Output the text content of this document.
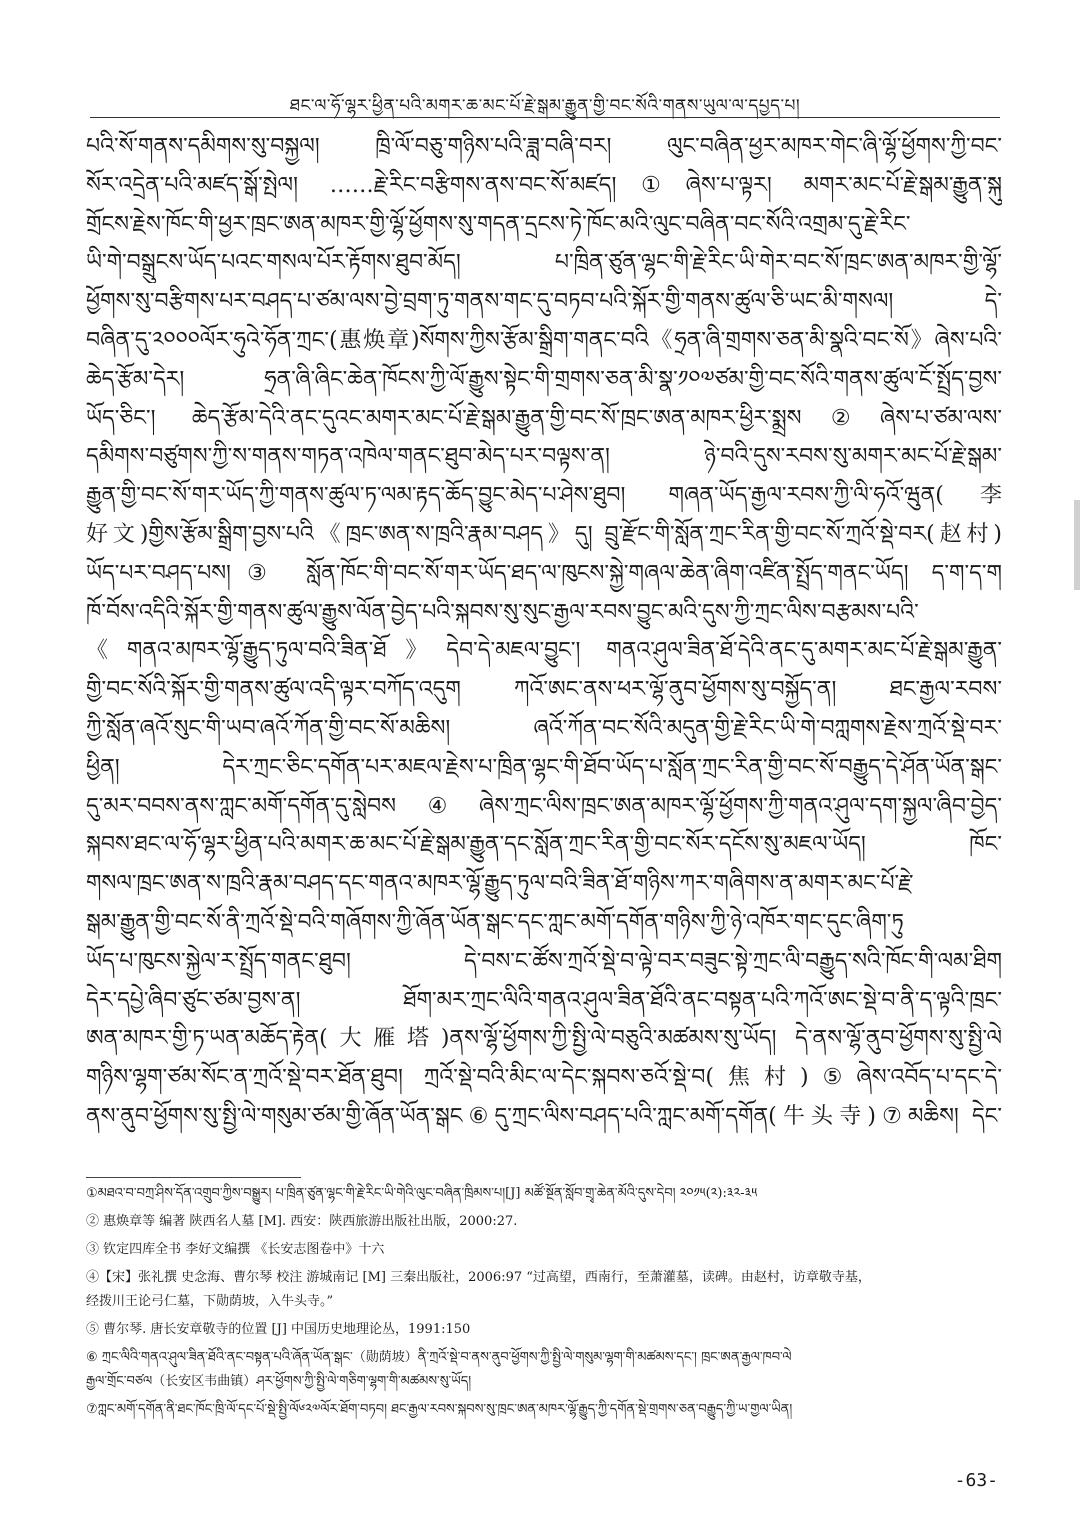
ཐང་ལ་ཧོ་ལྷར་ཕྱིན་པའི་མགར་ཆ་མང་པོ་རྗེ་སྒམ་རྒྱུན་གྱི་བང་སོའི་གནས་ཡུལ་ལ་དཔྱད་པ།
པའི་སོ་གནས་དམིགས་སུ་བསྐྱལ། ཁྲི་ལོ་བཅུ་གཉིས་པའི་ཟླ་བཞི་བར། ལུང་བཞིན་ཕྱར་མཁར་གེང་ཞི་ལྷོ་ཕྱོགས་ཀྱི་བང་
སོར་འདྲེན་པའི་མཛད་སྒོ་སྤེལ། ……རྗེ་རིང་བརྩིགས་ནས་བང་སོ་མཛད།①ཞེས་པ་ལྟར། མགར་མང་པོ་རྗེ་སྒམ་རྒྱུན་སྐུ
གྲོངས་རྗེས་ཁོང་གི་ཕྱར་ཁྲང་ཨན་མཁར་གྱི་ལྷོ་ཕྱོགས་སུ་གདན་དྲངས་ཏེ་ཁོང་མའི་ལུང་བཞིན་བང་སོའི་འགྲམ་དུ་རྗེ་རིང་
ཡི་གེ་བསྒྲུངས་ཡོད་པའང་གསལ་པོར་རྟོགས་ཐུབ་མོད། པ་ཁྲིན་ཙུན་ལྷང་གི་རྗེ་རིང་ཡི་གེར་བང་སོ་ཁྲང་ཨན་མཁར་གྱི་ལྷོ་
ཕྱོགས་སུ་བརྩིགས་པར་བཤད་པ་ཙམ་ལས་བྱེ་བྲག་ཏུ་གནས་གང་དུ་བཏབ་པའི་སྐོར་གྱི་གནས་ཚུལ་ཅི་ཡང་མི་གསལ། དེ་
བཞིན་དུ་༢༠༠༠ལོར་ཧུའེ་ཧོན་ཀྲང་(惠焕章)སོགས་ཀྱིས་རྩོམ་སྒྲིག་གནང་བའི《ཧྲན་ཞི་གྲགས་ཅན་མི་སྣའི་བང་སོ》ཞེས་པའི་
ཆེད་རྩོམ་དེར། ཧྲན་ཞི་ཞིང་ཆེན་ཁོངས་ཀྱི་ལོ་རྒྱུས་སྟེང་གི་གྲགས་ཅན་མི་སྣ་༡༠༧ཙམ་གྱི་བང་སོའི་གནས་ཚུལ་ངོ་སྤྲོད་བྱས་
ཡོད་ཅིང་། ཆེད་རྩོམ་དེའི་ནང་དུའང་མགར་མང་པོ་རྗེ་སྒམ་རྒྱུན་གྱི་བང་སོ་ཁྲང་ཨན་མཁར་ཕྱིར་སྨྲས②ཞེས་པ་ཙམ་ལས་
དམིགས་བཙུགས་ཀྱི་ས་གནས་གཏན་འཁེལ་གནང་ཐུབ་མེད་པར་བལྟས་ན། ཉེ་བའི་དུས་རབས་སུ་མགར་མང་པོ་རྗེ་སྒམ་
རྒྱུན་གྱི་བང་སོ་གར་ཡོད་ཀྱི་གནས་ཚུལ་ཏ་ལམ་རྟད་ཆོད་བྱུང་མེད་པ་ཤེས་ཐུབ། གཞན་ཡོད་རྒྱལ་རབས་ཀྱི་ལི་ཧའོ་ཝུན(李
好文)གྱིས་རྩོམ་སྒྲིག་བྱས་པའི《ཁྲང་ཨན་ས་ཁྲའི་རྣམ་བཤད》དུ། བྲུ་རྫོང་གི་སློན་ཀྲང་རིན་གྱི་བང་སོ་ཀྲའོ་སྡེ་བར(赵村)
ཡོད་པར་བཤད་པས།③ སློན་ཁོང་གི་བང་སོ་གར་ཡོད་ཐད་ལ་ཁུངས་སྐྱེ་གཞལ་ཆེན་ཞིག་འཛིན་སྤྲོད་གནང་ཡོད། ད་ག་ད་ག
ཁོ་བོས་འདིའི་སྐོར་གྱི་གནས་ཚུལ་རྒྱུས་ལོན་བྱེད་པའི་སྐབས་སུ་སུང་རྒྱལ་རབས་བྱུང་མའི་དུས་ཀྱི་ཀྲང་ལིས་བརྩམས་པའི་
《གནའ་མཁར་ལྷོ་རྒྱུད་ཏུལ་བའི་ཟིན་ཐོ》དེབ་དེ་མཇལ་བྱུང་། གནའ་ཤུལ་ཟིན་ཐོ་དེའི་ནང་དུ་མགར་མང་པོ་རྗེ་སྒམ་རྒྱུན་
གྱི་བང་སོའི་སྐོར་གྱི་གནས་ཚུལ་འདི་ལྟར་བཀོད་འདུག ཀའོ་ཨང་ནས་ཕར་ལྷོ་ནུབ་ཕྱོགས་སུ་བསྐྱོད་ན། ཐང་རྒྱལ་རབས་
ཀྱི་སློན་ཞའོ་སུང་གི་ཡབ་ཞའོ་ཀོན་གྱི་བང་སོ་མཆིས། ཞའོ་ཀོན་བང་སོའི་མདུན་གྱི་རྗེ་རིང་ཡི་གེ་བཀླགས་རྗེས་ཀྲའོ་སྡེ་བར་
ཕྱིན། དེར་ཀྲང་ཅིང་དགོན་པར་མཇལ་རྗེས་པ་ཁྲིན་ལྷང་གི་ཐོབ་ཡོད་པ་སློན་ཀྲང་རིན་གྱི་བང་སོ་བརྒྱུད་དེ་ཤོན་ཡོན་སྒང་
དུ་མར་བབས་ནས་ཀླང་མགོ་དགོན་དུ་སླེབས④ཞེས་ཀྲང་ལིས་ཁྲང་ཨན་མཁར་ལྷོ་ཕྱོགས་ཀྱི་གནའ་ཤུལ་དག་སྐྱལ་ཞིབ་བྱེད་
སྐབས་ཐང་ལ་ཧོ་ལྷར་ཕྱིན་པའི་མགར་ཆ་མང་པོ་རྗེ་སྒམ་རྒྱུན་དང་སློན་ཀྲང་རིན་གྱི་བང་སོར་དངོས་སུ་མཇལ་ཡོད། ཁོང་
གསལ་ཁྲང་ཨན་ས་ཁྲའི་རྣམ་བཤད་དང་གནའ་མཁར་ལྷོ་རྒྱུད་ཏུལ་བའི་ཟིན་ཐོ་གཉིས་ཀར་གཞིགས་ན་མགར་མང་པོ་རྗེ་
སྒམ་རྒྱུན་གྱི་བང་སོ་ནི་ཀྲའོ་སྡེ་བའི་གཞོགས་ཀྱི་ཞོན་ཡོན་སྒང་དང་ཀླང་མགོ་དགོན་གཉིས་ཀྱི་ཉེ་འཁོར་གང་དུང་ཞིག་ཏུ
ཡོད་པ་ཁུངས་སྐྱེལ་ར་སྤྲོད་གནང་ཐུབ། དེ་བས་ང་ཚོས་ཀྲའོ་སྡེ་བ་ལྟེ་བར་བཟུང་སྟེ་ཀྲང་ལི་བརྒྱུད་སའི་ཁོང་གི་ལམ་ཐིག
དེར་དཔྱེ་ཞིབ་ཙུང་ཙམ་བྱས་ན། ཐོག་མར་ཀྲང་ལིའི་གནའ་ཤུལ་ཟིན་ཐོའི་ནང་བསྟན་པའི་ཀའོ་ཨང་སྡེ་བ་ནི་ད་ལྟའི་ཁྲང་
ཨན་མཁར་གྱི་ཏ་ཡན་མཆོད་རྟེན(大雁塔)ནས་ལྷོ་ཕྱོགས་ཀྱི་སྤྱི་ལེ་བཅུའི་མཚམས་སུ་ཡོད། དེ་ནས་ལྷོ་ནུབ་ཕྱོགས་སུ་སྤྱི་ལེ
གཉིས་ལྷག་ཙམ་སོང་ན་ཀྲའོ་སྡེ་བར་ཐོན་ཐུབ། ཀྲའོ་སྡེ་བའི་མིང་ལ་དེང་སྐབས་ཅའོ་སྡེ་བ(焦村)⑤ཞེས་འབོད་པ་དང་དེ་
ནས་ནུབ་ཕྱོགས་སུ་སྤྱི་ལེ་གསུམ་ཙམ་གྱི་ཞོན་ཡོན་སྒང⑥དུ་ཀྲང་ལིས་བཤད་པའི་ཀླང་མགོ་དགོན(牛头寺)⑦མཆིས། དེང་
①མཐའ་བ་བཀྲ་ཤིས་དོན་འགྲུབ་ཀྱིས་བསྒྱུར། པ་ཁྲིན་ཙུན་ལྷང་གི་རྗེ་རིང་ཡི་གེའི་ལུང་བཞིན་ཁྲིམས་པ།[J] མཚོ་སྔོན་སློབ་གྲྭ་ཆེན་མོའི་དུས་དེབ། ༢༠༡༥(༢):༣༢-༣༥
② 惠焕章等 编著 陕西名人墓 [M]. 西安：陕西旅游出版社出版，2000:27.
③ 钦定四库全书 李好文编撰 《长安志图卷中》十六
④【宋】张礼撰 史念海、曹尔琴 校注 游城南记 [M] 三秦出版社，2006:97 “过高望，西南行，至萧灌墓，读碑。由赵村，访章敬寺基，
经拨川王论弓仁墓，下勋荫坡，入牛头寺。”
⑤ 曹尔琴. 唐长安章敬寺的位置 [J] 中国历史地理论丛，1991:150
⑥ ཀྲང་ལིའི་གནའ་ཤུལ་ཟིན་ཐོའི་ནང་བསྟན་པའི་ཞོན་ཡོན་སྒང་（勋荫坡）ནི་ཀྲའོ་སྡེ་བ་ནས་ནུབ་ཕྱོགས་ཀྱི་སྤྱི་ལེ་གསུམ་ལྷག་གི་མཚམས་དང་། ཁྲང་ཨན་རྒྱལ་ཁབ་ལེ
རྒྱལ་གྲོང་བཙལ（长安区韦曲镇）ཤར་ཕྱོགས་ཀྱི་སྤྱི་ལེ་གཅིག་ལྷག་གི་མཚམས་སུ་ཡོད།
⑦ཀླང་མགོ་དགོན་ནི་ཐང་ཁོང་ཁྲི་ལོ་དང་པོ་སྡེ་སྤྱི་ལོ༦༢༧ལོར་ཐོག་བཏབ། ཐང་རྒྱལ་རབས་སྐབས་སུ་ཁྲང་ཨན་མཁར་ལྷོ་རྒྱུད་ཀྱི་དགོན་སྡེ་གྲགས་ཅན་བརྒྱུད་ཀྱི་ཡ་གྱལ་ཡིན།
-63-
